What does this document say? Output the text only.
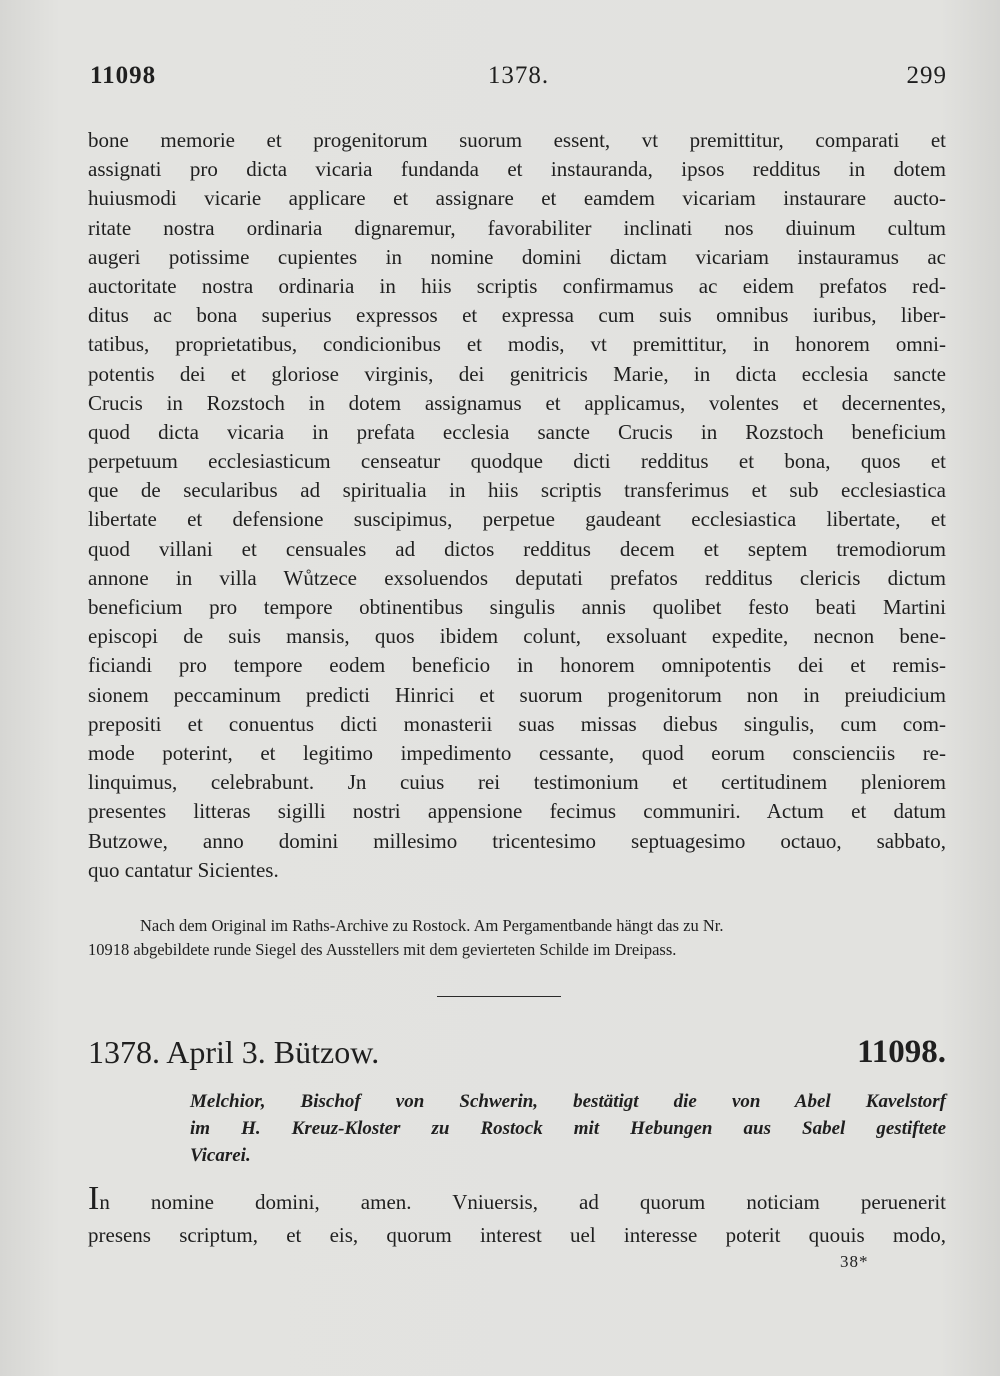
11098	1378.	299
bone memorie et progenitorum suorum essent, vt premittitur, comparati et
assignati pro dicta vicaria fundanda et instauranda, ipsos redditus in dotem
huiusmodi vicarie applicare et assignare et eamdem vicariam instaurare aucto-
ritate nostra ordinaria dignaremur, favorabiliter inclinati nos diuinum cultum
augeri potissime cupientes in nomine domini dictam vicariam instauramus ac
auctoritate nostra ordinaria in hiis scriptis confirmamus ac eidem prefatos red-
ditus ac bona superius expressos et expressa cum suis omnibus iuribus, liber-
tatibus, proprietatibus, condicionibus et modis, vt premittitur, in honorem omni-
potentis dei et gloriose virginis, dei genitricis Marie, in dicta ecclesia sancte
Crucis in Rozstoch in dotem assignamus et applicamus, volentes et decernentes,
quod dicta vicaria in prefata ecclesia sancte Crucis in Rozstoch beneficium
perpetuum ecclesiasticum censeatur quodque dicti redditus et bona, quos et
que de secularibus ad spiritualia in hiis scriptis transferimus et sub ecclesiastica
libertate et defensione suscipimus, perpetue gaudeant ecclesiastica libertate, et
quod villani et censuales ad dictos redditus decem et septem tremodiorum
annone in villa Wůtzece exsoluendos deputati prefatos redditus clericis dictum
beneficium pro tempore obtinentibus singulis annis quolibet festo beati Martini
episcopi de suis mansis, quos ibidem colunt, exsoluant expedite, necnon bene-
ficiandi pro tempore eodem beneficio in honorem omnipotentis dei et remis-
sionem peccaminum predicti Hinrici et suorum progenitorum non in preiudicium
prepositi et conuentus dicti monasterii suas missas diebus singulis, cum com-
mode poterint, et legitimo impedimento cessante, quod eorum conscienciis re-
linquimus, celebrabunt. Jn cuius rei testimonium et certitudinem pleniorem
presentes litteras sigilli nostri appensione fecimus communiri. Actum et datum
Butzowe, anno domini millesimo tricentesimo septuagesimo octauo, sabbato,
quo cantatur Sicientes.
Nach dem Original im Raths-Archive zu Rostock. Am Pergamentbande hängt das zu Nr.
10918 abgebildete runde Siegel des Ausstellers mit dem gevierteten Schilde im Dreipass.
1378. April 3. Bützow.	11098.
Melchior, Bischof von Schwerin, bestätigt die von Abel Kavelstorf
im H. Kreuz-Kloster zu Rostock mit Hebungen aus Sabel gestiftete
Vicarei.
In nomine domini, amen. Vniuersis, ad quorum noticiam peruenerit
presens scriptum, et eis, quorum interest uel interesse poterit quouis modo,
38*
